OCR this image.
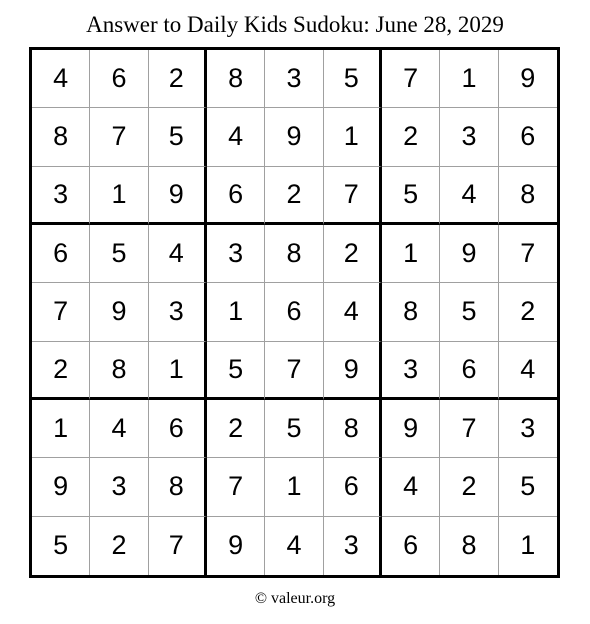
Answer to Daily Kids Sudoku: June 28, 2029
4	6	2	8	3	5	7	1	9
8	7	5	4	9	1	2	3	6
3	1	9	6	2	7	5	4	8
6	5	4	3	8	2	1	9	7
7	9	3	1	6	4	8	5	2
2	8	1	5	7	9	3	6	4
1	4	6	2	5	8	9	7	3
9	3	8	7	1	6	4	2	5
5	2	7	9	4	3	6	8	1
© valeur.org
